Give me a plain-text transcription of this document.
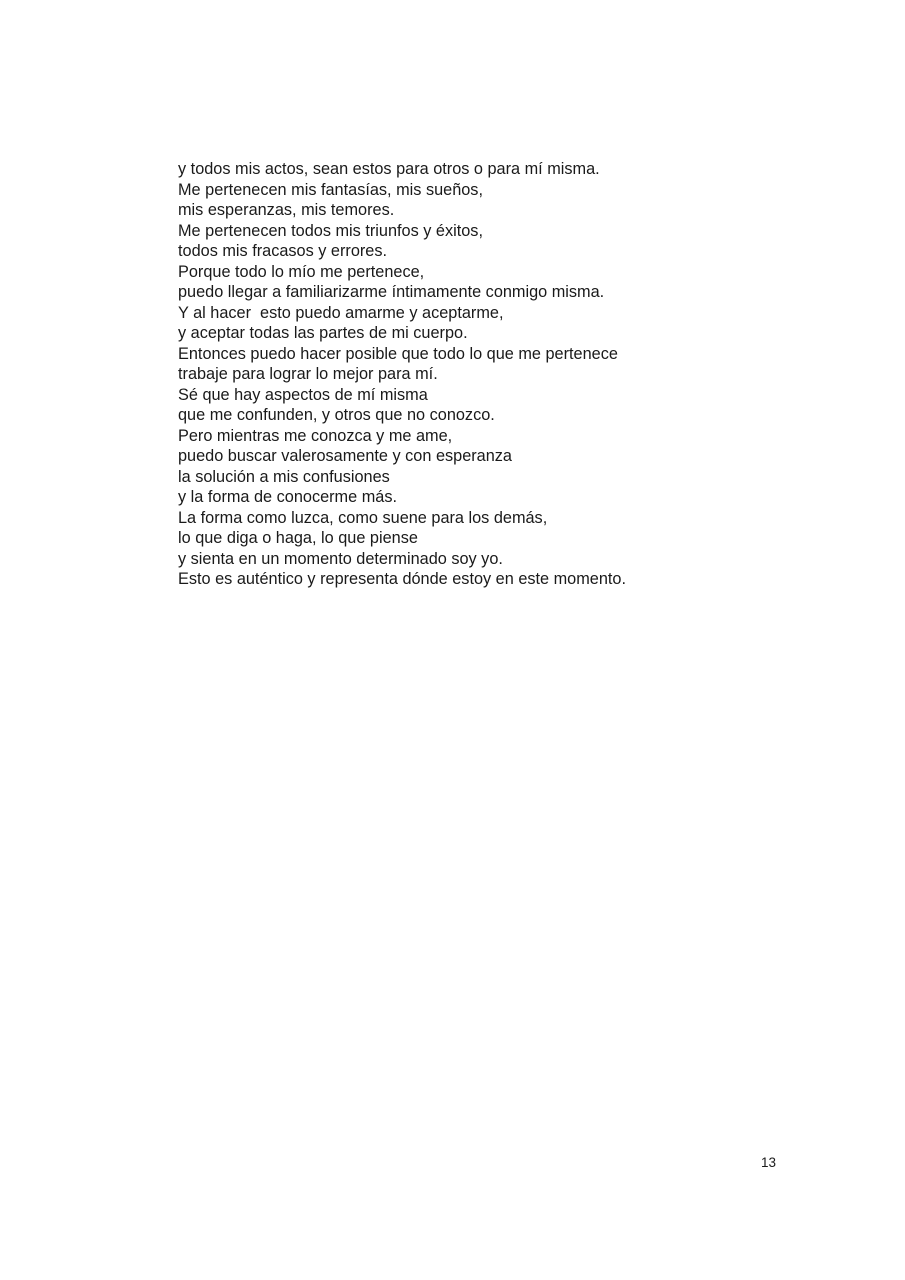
y todos mis actos, sean estos para otros o para mí misma.
Me pertenecen mis fantasías, mis sueños,
mis esperanzas, mis temores.
Me pertenecen todos mis triunfos y éxitos,
todos mis fracasos y errores.
Porque todo lo mío me pertenece,
puedo llegar a familiarizarme íntimamente conmigo misma.
Y al hacer  esto puedo amarme y aceptarme,
y aceptar todas las partes de mi cuerpo.
Entonces puedo hacer posible que todo lo que me pertenece
trabaje para lograr lo mejor para mí.
Sé que hay aspectos de mí misma
que me confunden, y otros que no conozco.
Pero mientras me conozca y me ame,
puedo buscar valerosamente y con esperanza
la solución a mis confusiones
y la forma de conocerme más.
La forma como luzca, como suene para los demás,
lo que diga o haga, lo que piense
y sienta en un momento determinado soy yo.
Esto es auténtico y representa dónde estoy en este momento.
13
